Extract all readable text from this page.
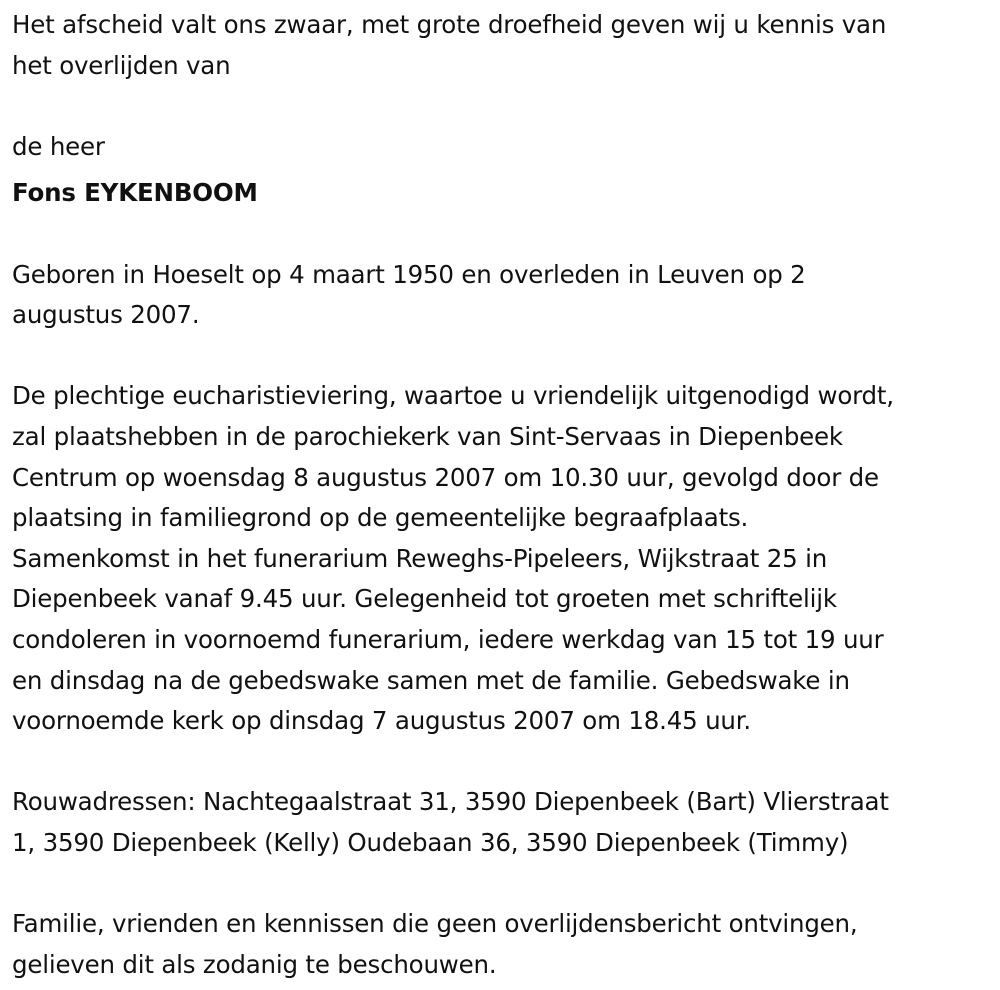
Het afscheid valt ons zwaar, met grote droefheid geven wij u kennis van
het overlijden van
de heer
Fons EYKENBOOM
Geboren in Hoeselt op 4 maart 1950 en overleden in Leuven op 2
augustus 2007.
De plechtige eucharistieviering, waartoe u vriendelijk uitgenodigd wordt,
zal plaatshebben in de parochiekerk van Sint-Servaas in Diepenbeek
Centrum op woensdag 8 augustus 2007 om 10.30 uur, gevolgd door de
plaatsing in familiegrond op de gemeentelijke begraafplaats.
Samenkomst in het funerarium Reweghs-Pipeleers, Wijkstraat 25 in
Diepenbeek vanaf 9.45 uur. Gelegenheid tot groeten met schriftelijk
condoleren in voornoemd funerarium, iedere werkdag van 15 tot 19 uur
en dinsdag na de gebedswake samen met de familie. Gebedswake in
voornoemde kerk op dinsdag 7 augustus 2007 om 18.45 uur.
Rouwadressen: Nachtegaalstraat 31, 3590 Diepenbeek (Bart) Vlierstraat
1, 3590 Diepenbeek (Kelly) Oudebaan 36, 3590 Diepenbeek (Timmy)
Familie, vrienden en kennissen die geen overlijdensbericht ontvingen,
gelieven dit als zodanig te beschouwen.
